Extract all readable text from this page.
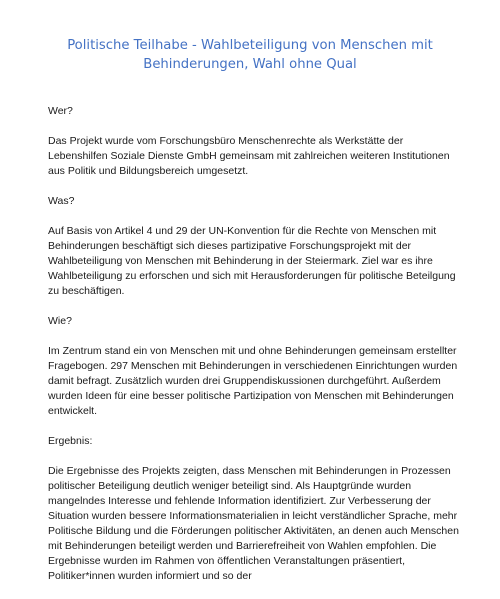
Politische Teilhabe - Wahlbeteiligung von Menschen mit
Behinderungen, Wahl ohne Qual
Wer?
Das Projekt wurde vom Forschungsbüro Menschenrechte als Werkstätte der Lebenshilfen Soziale Dienste GmbH gemeinsam mit zahlreichen weiteren Institutionen aus Politik und Bildungsbereich umgesetzt.
Was?
Auf Basis von Artikel 4 und 29 der UN-Konvention für die Rechte von Menschen mit Behinderungen beschäftigt sich dieses partizipative Forschungsprojekt mit der Wahlbeteiligung von Menschen mit Behinderung in der Steiermark. Ziel war es ihre Wahlbeteiligung zu erforschen und sich mit Herausforderungen für politische Beteilgung zu beschäftigen.
Wie?
Im Zentrum stand ein von Menschen mit und ohne Behinderungen gemeinsam erstellter Fragebogen. 297 Menschen mit Behinderungen in verschiedenen Einrichtungen wurden damit befragt. Zusätzlich wurden drei Gruppendiskussionen durchgeführt. Außerdem wurden Ideen für eine besser politische Partizipation von Menschen mit Behinderungen entwickelt.
Ergebnis:
Die Ergebnisse des Projekts zeigten, dass Menschen mit Behinderungen in Prozessen politischer Beteiligung deutlich weniger beteiligt sind. Als Hauptgründe wurden mangelndes Interesse und fehlende Information identifiziert. Zur Verbesserung der Situation wurden bessere Informationsmaterialien in leicht verständlicher Sprache, mehr Politische Bildung und die Förderungen politischer Aktivitäten, an denen auch Menschen mit Behinderungen beteiligt werden und Barrierefreiheit von Wahlen empfohlen. Die Ergebnisse wurden im Rahmen von öffentlichen Veranstaltungen präsentiert, Politiker*innen wurden informiert und so der
